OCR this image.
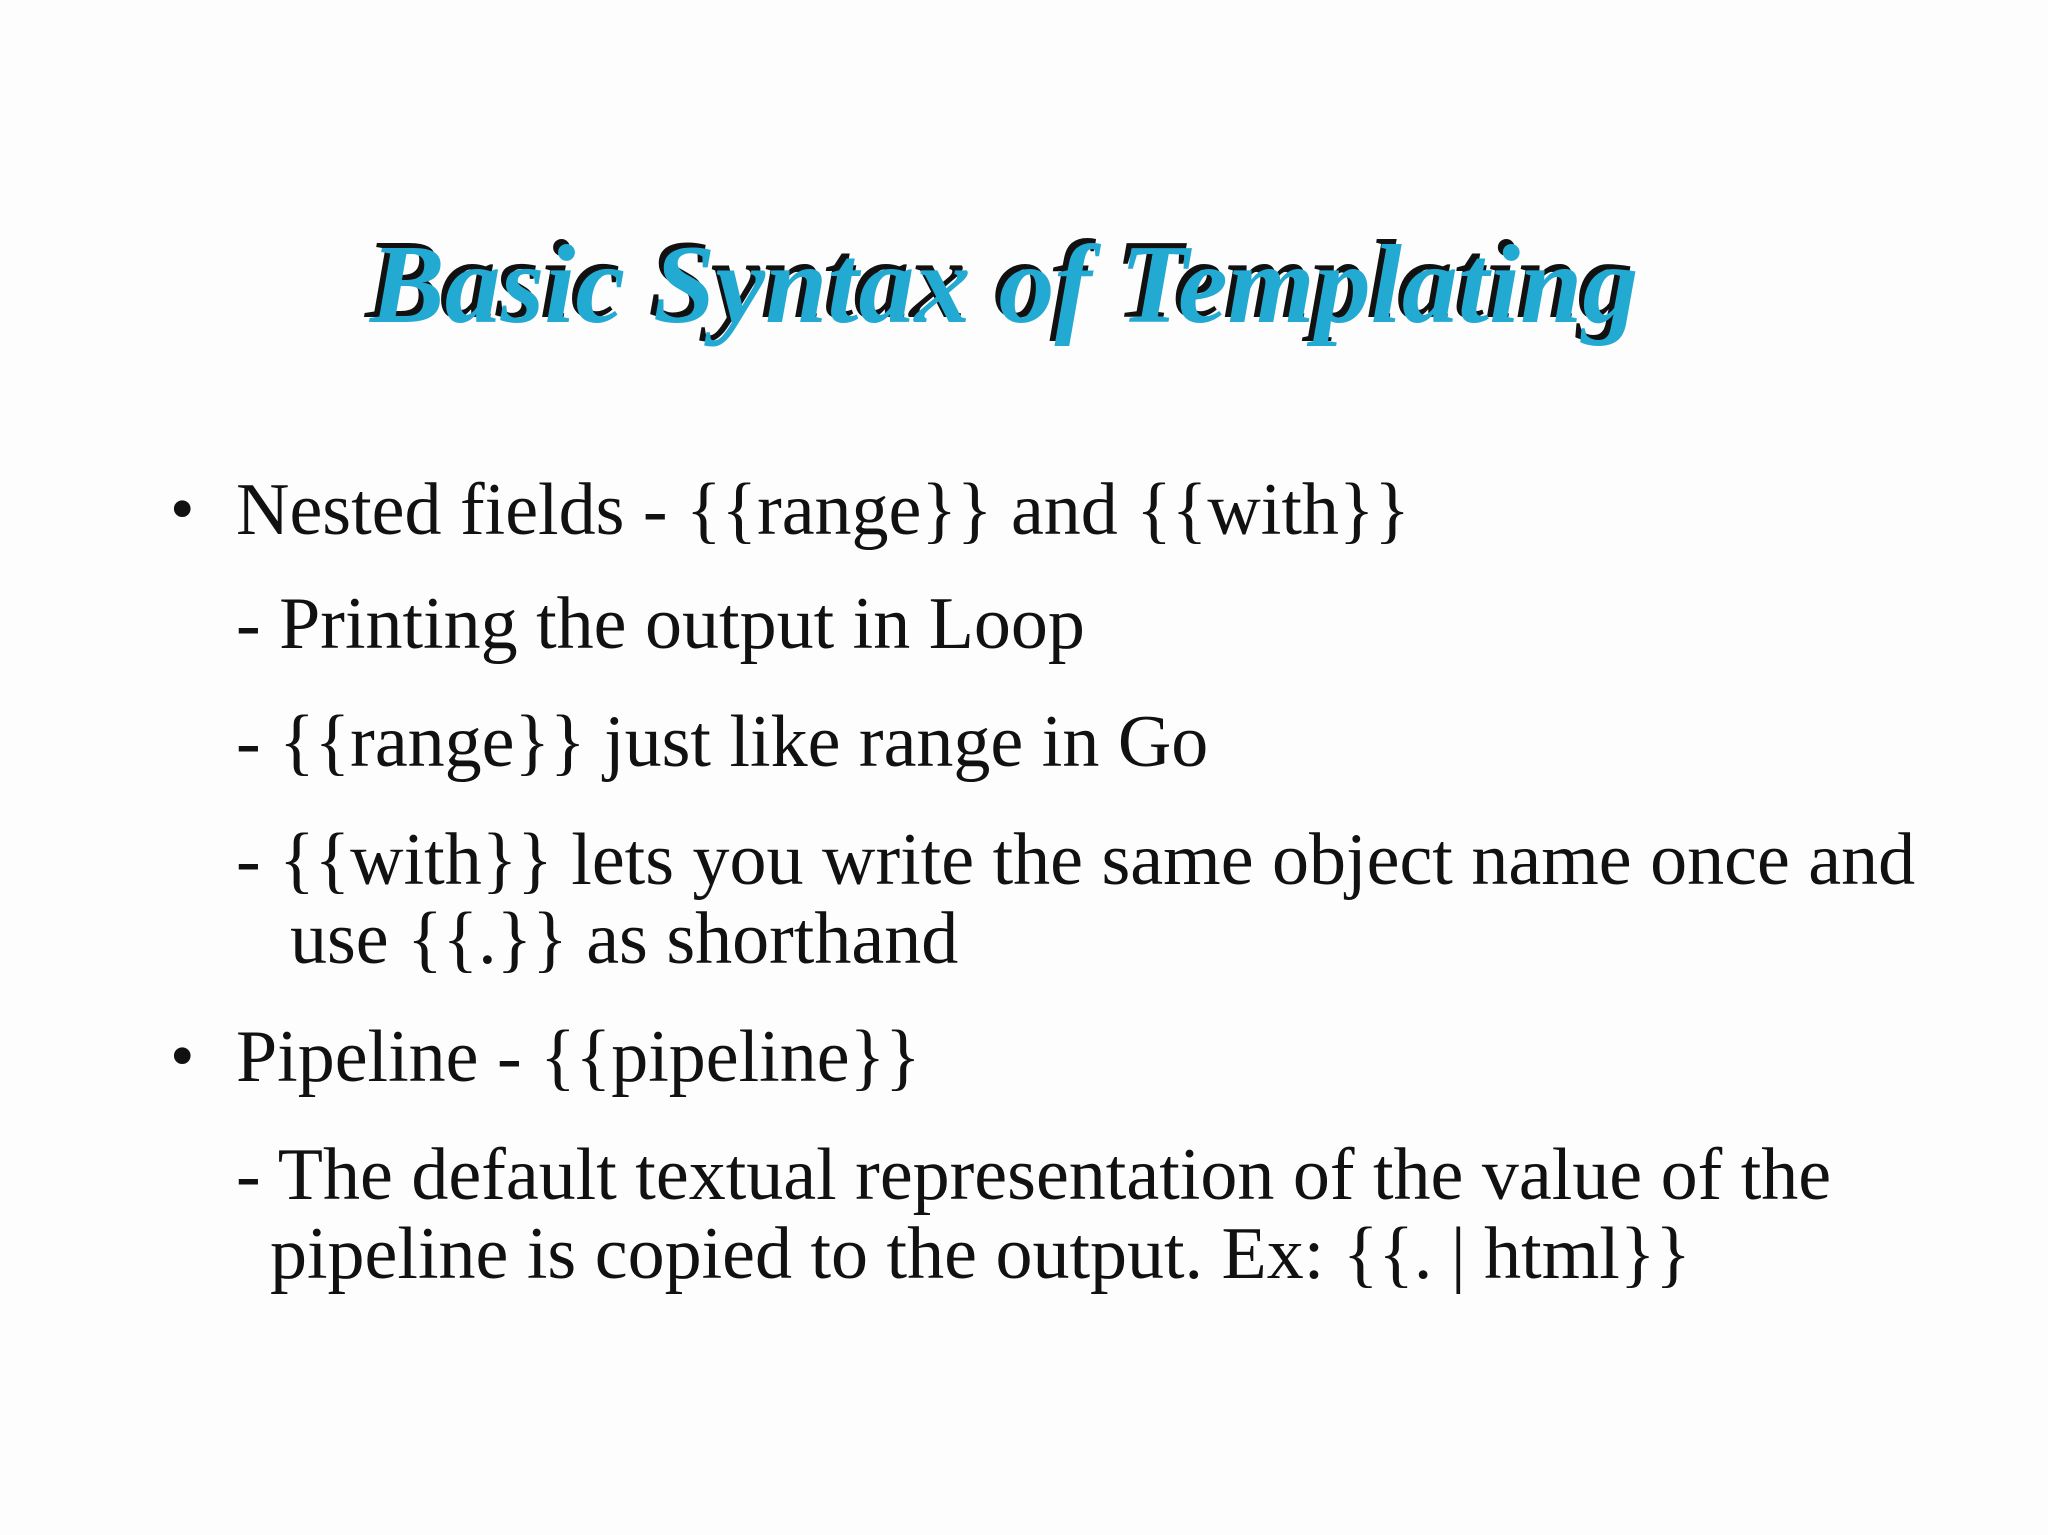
Basic Syntax of Templating
• Nested fields - {{range}} and {{with}}

- Printing the output in Loop

- {{range}} just like range in Go

- {{with}} lets you write the same object name once and

use {{.}} as shorthand

• Pipeline - {{pipeline}}

- The default textual representation of the value of the

pipeline is copied to the output. Ex: {{. | html}}
